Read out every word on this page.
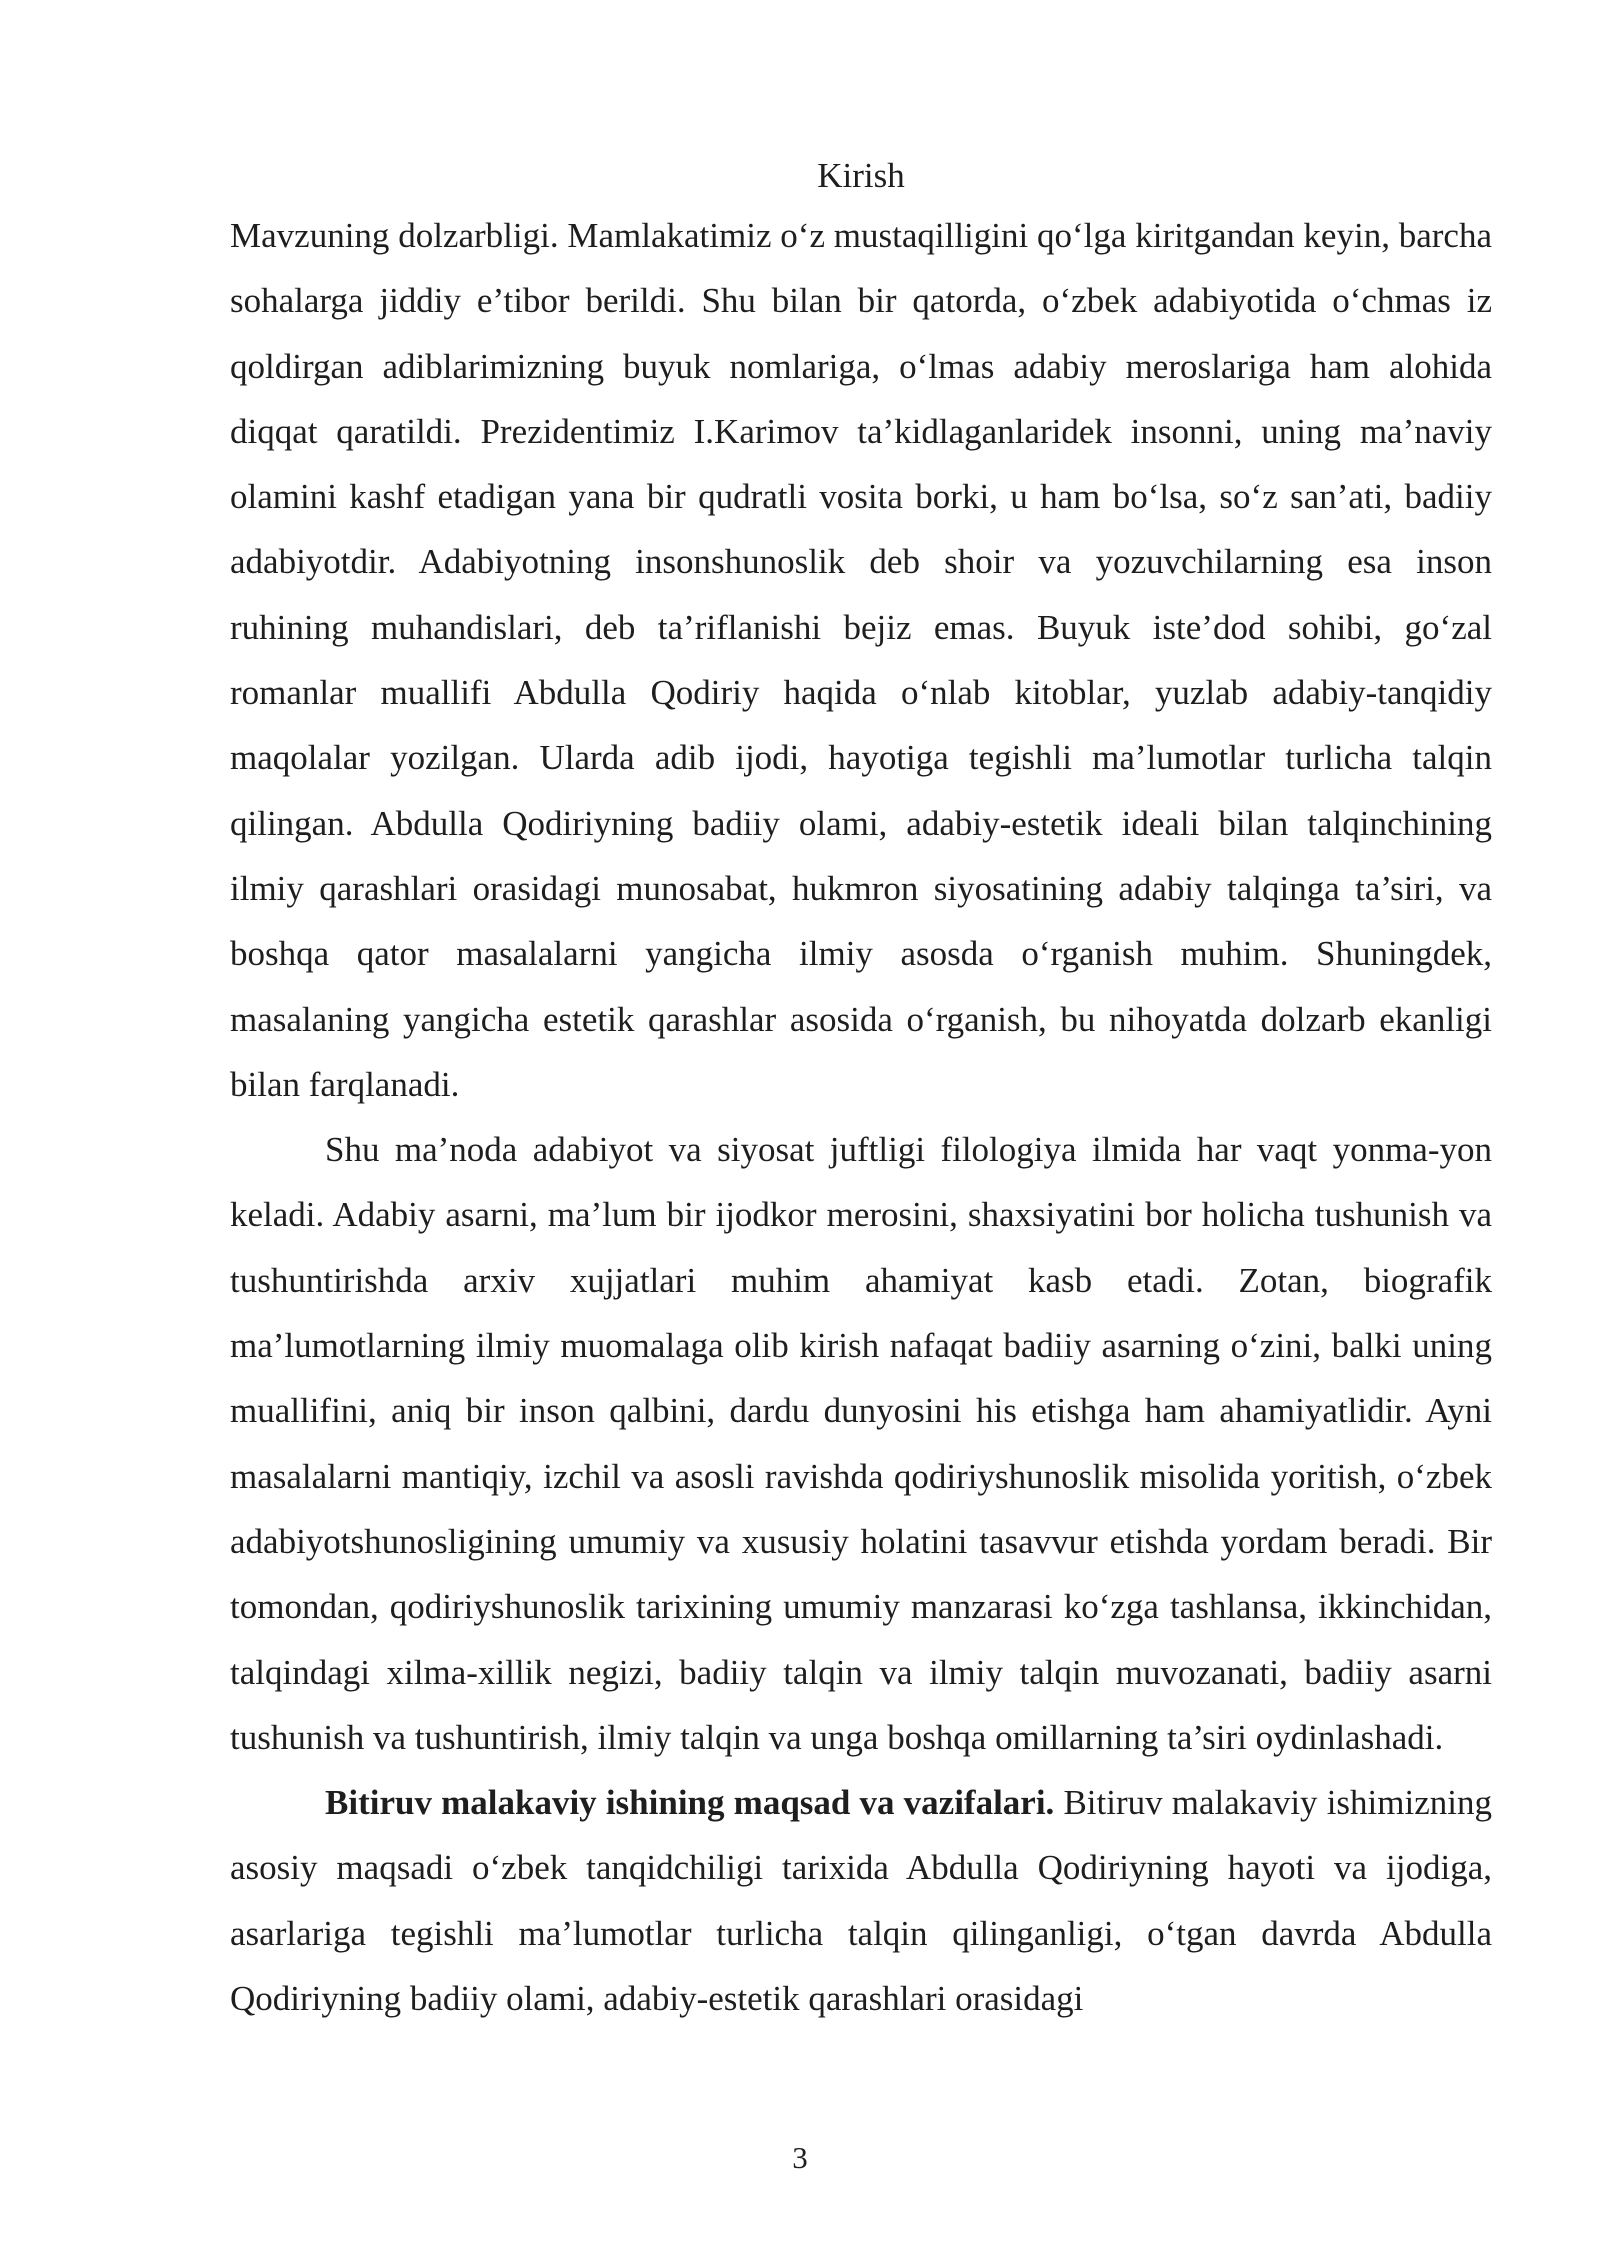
Kirish

Mavzuning dolzarbligi. Mamlakatimiz o‘z mustaqilligini qo‘lga kiritgandan keyin, barcha sohalarga jiddiy e’tibor berildi. Shu bilan bir qatorda, o‘zbek adabiyotida o‘chmas iz qoldirgan adiblarimizning buyuk nomlariga, o‘lmas adabiy meroslariga ham alohida diqqat qaratildi. Prezidentimiz I.Karimov ta’kidlaganlaridek insonni, uning ma’naviy olamini kashf etadigan yana bir qudratli vosita borki, u ham bo‘lsa, so‘z san’ati, badiiy adabiyotdir. Adabiyotning insonshunoslik deb shoir va yozuvchilarning esa inson ruhining muhandislari, deb ta’riflanishi bejiz emas. Buyuk iste’dod sohibi, go‘zal romanlar muallifi Abdulla Qodiriy haqida o‘nlab kitoblar, yuzlab adabiy-tanqidiy maqolalar yozilgan. Ularda adib ijodi, hayotiga tegishli ma’lumotlar turlicha talqin qilingan. Abdulla Qodiriyning badiiy olami, adabiy-estetik ideali bilan talqinchining ilmiy qarashlari orasidagi munosabat, hukmron siyosatining adabiy talqinga ta’siri, va boshqa qator masalalarni yangicha ilmiy asosda o‘rganish muhim. Shuningdek, masalaning yangicha estetik qarashlar asosida o‘rganish, bu nihoyatda dolzarb ekanligi bilan farqlanadi.

Shu ma’noda adabiyot va siyosat juftligi filologiya ilmida har vaqt yonma-yon keladi. Adabiy asarni, ma’lum bir ijodkor merosini, shaxsiyatini bor holicha tushunish va tushuntirishda arxiv xujjatlari muhim ahamiyat kasb etadi. Zotan, biografik ma’lumotlarning ilmiy muomalaga olib kirish nafaqat badiiy asarning o‘zini, balki uning muallifini, aniq bir inson qalbini, dardu dunyosini his etishga ham ahamiyatlidir. Ayni masalalarni mantiqiy, izchil va asosli ravishda qodiriyshunoslik misolida yoritish, o‘zbek adabiyotshunosligining umumiy va xususiy holatini tasavvur etishda yordam beradi. Bir tomondan, qodiriyshunoslik tarixining umumiy manzarasi ko‘zga tashlansa, ikkinchidan, talqindagi xilma-xillik negizi, badiiy talqin va ilmiy talqin muvozanati, badiiy asarni tushunish va tushuntirish, ilmiy talqin va unga boshqa omillarning ta’siri oydinlashadi.

Bitiruv malakaviy ishining maqsad va vazifalari. Bitiruv malakaviy ishimizning asosiy maqsadi o‘zbek tanqidchiligi tarixida Abdulla Qodiriyning hayoti va ijodiga, asarlariga tegishli ma’lumotlar turlicha talqin qilinganligi, o‘tgan davrda Abdulla Qodiriyning badiiy olami, adabiy-estetik qarashlari orasidagi

3
